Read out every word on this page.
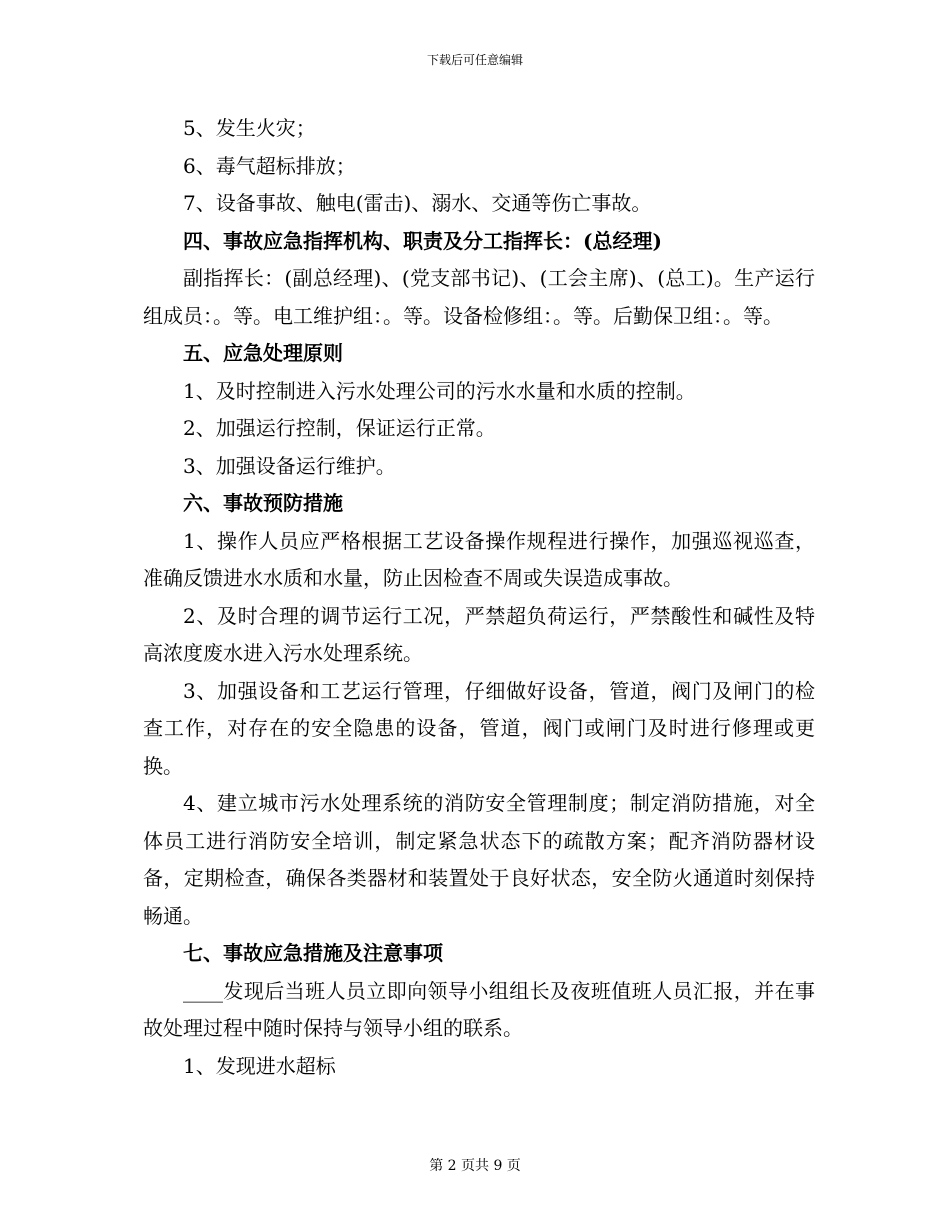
下载后可任意编辑

5、发生火灾；

6、毒气超标排放；

7、设备事故、触电(雷击)、溺水、交通等伤亡事故。

四、事故应急指挥机构、职责及分工指挥长：(总经理)

副指挥长：(副总经理)、(党支部书记)、(工会主席)、(总工)。生产运行组成员：。等。电工维护组：。等。设备检修组：。等。后勤保卫组：。等。

五、应急处理原则

1、及时控制进入污水处理公司的污水水量和水质的控制。

2、加强运行控制，保证运行正常。

3、加强设备运行维护。

六、事故预防措施

1、操作人员应严格根据工艺设备操作规程进行操作，加强巡视巡查，准确反馈进水水质和水量，防止因检查不周或失误造成事故。

2、及时合理的调节运行工况，严禁超负荷运行，严禁酸性和碱性及特高浓度废水进入污水处理系统。

3、加强设备和工艺运行管理，仔细做好设备，管道，阀门及闸门的检查工作，对存在的安全隐患的设备，管道，阀门或闸门及时进行修理或更换。

4、建立城市污水处理系统的消防安全管理制度；制定消防措施，对全体员工进行消防安全培训，制定紧急状态下的疏散方案；配齐消防器材设备，定期检查，确保各类器材和装置处于良好状态，安全防火通道时刻保持畅通。

七、事故应急措施及注意事项

____发现后当班人员立即向领导小组组长及夜班值班人员汇报，并在事故处理过程中随时保持与领导小组的联系。

1、发现进水超标

第 2 页共 9 页
